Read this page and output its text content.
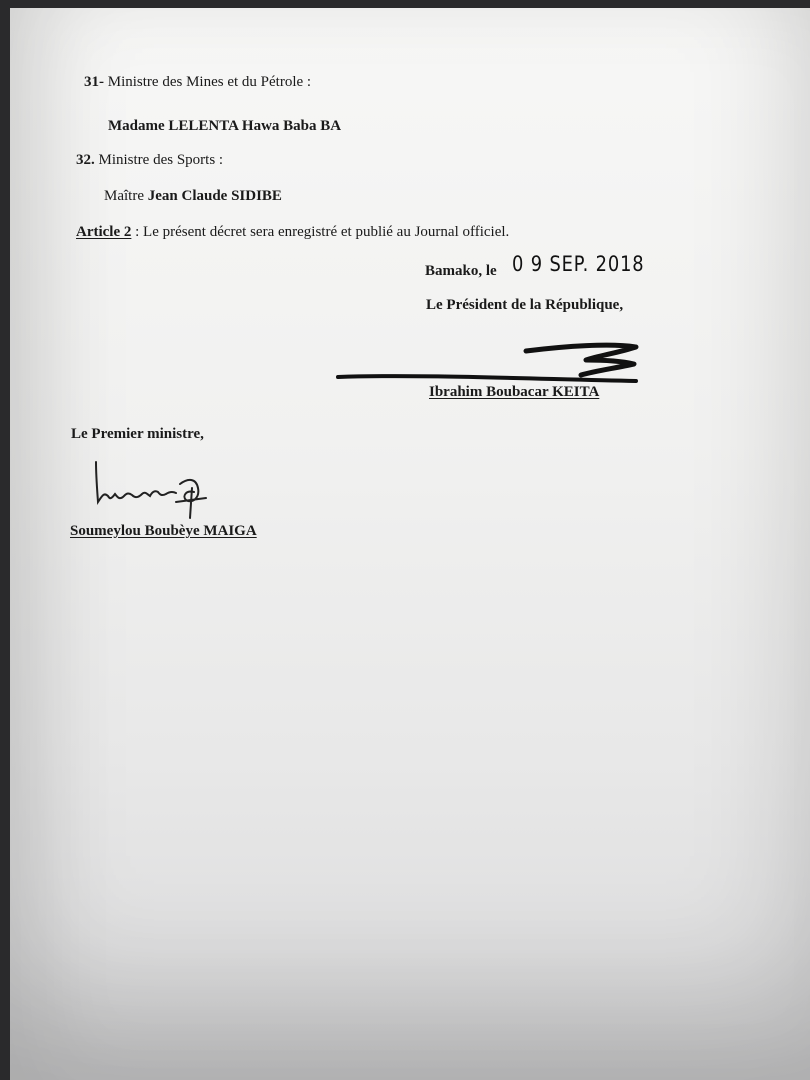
31- Ministre des Mines et du Pétrole :
Madame LELENTA Hawa Baba BA
32. Ministre des Sports :
Maître Jean Claude SIDIBE
Article 2 : Le présent décret sera enregistré et publié au Journal officiel.
Bamako, le 0 9 SEP. 2018
Le Président de la République,
Ibrahim Boubacar KEITA
Le Premier ministre,
Soumeylou Boubèye MAIGA
